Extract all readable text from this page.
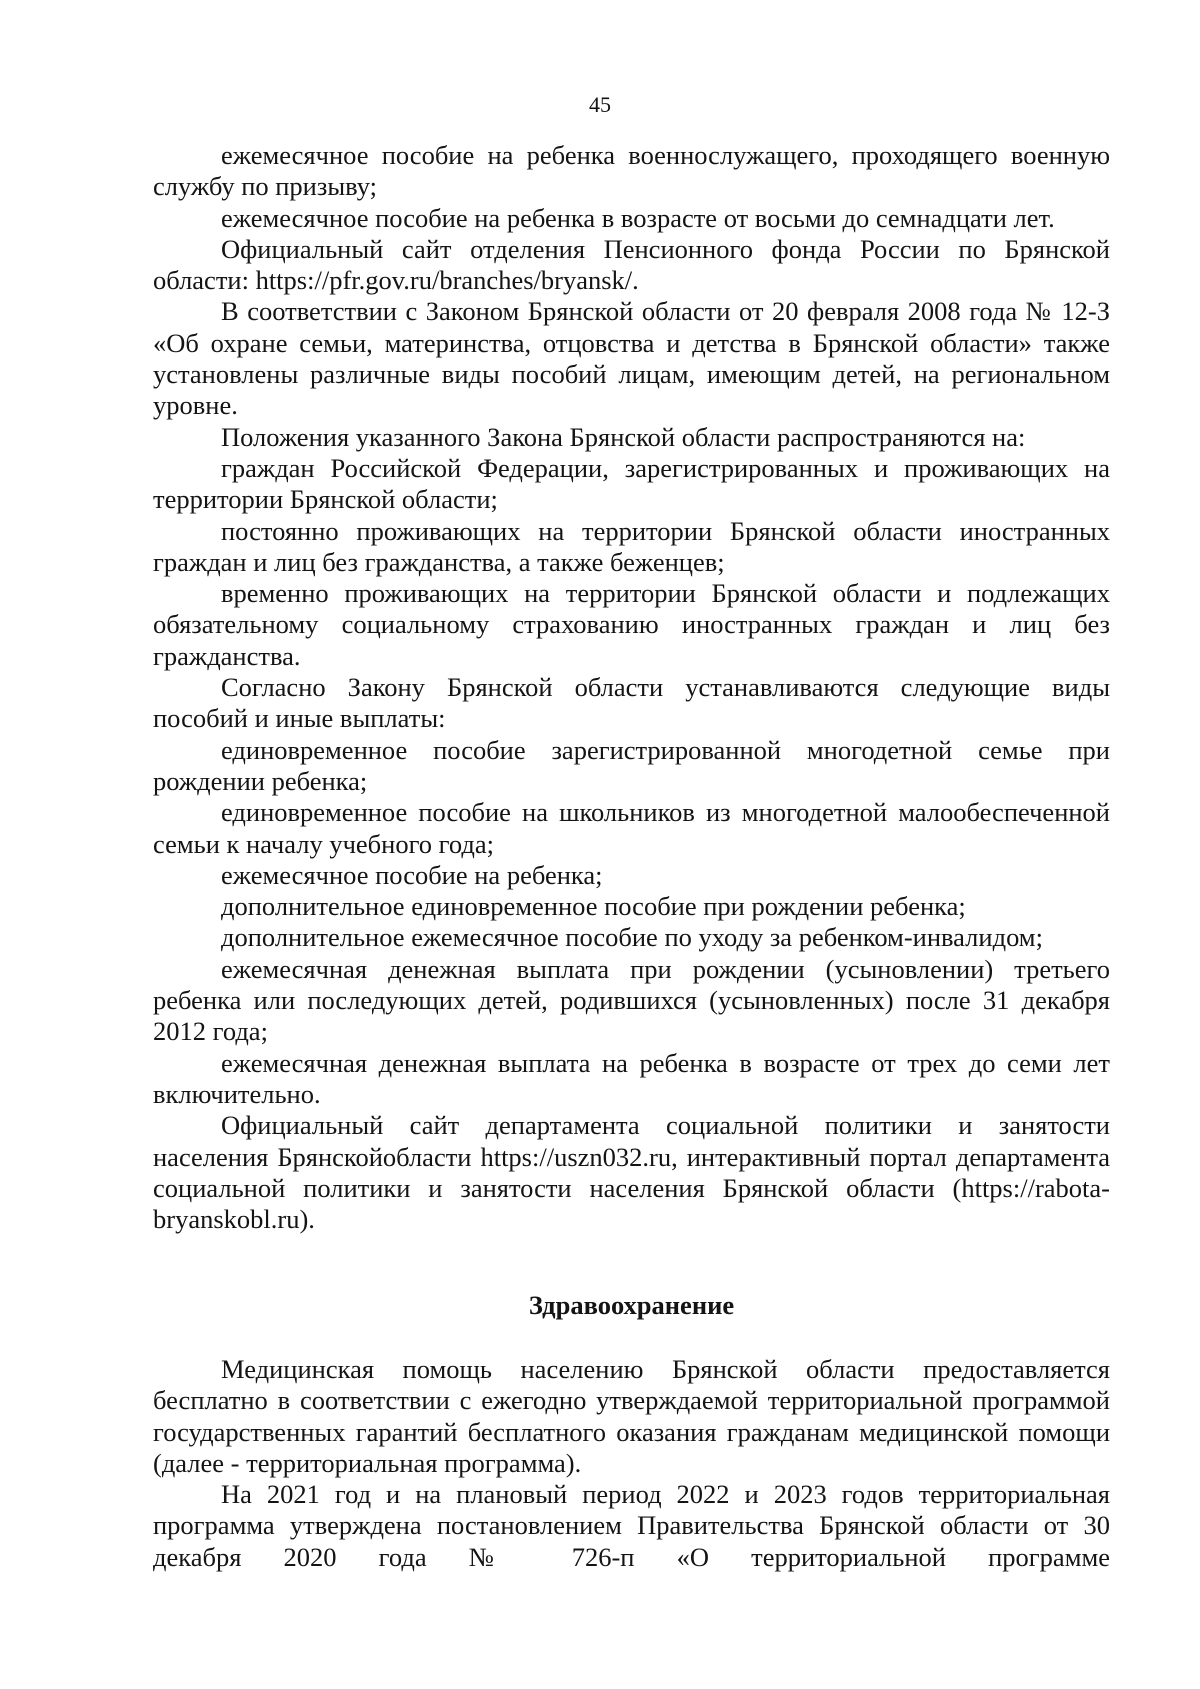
45

ежемесячное пособие на ребенка военнослужащего, проходящего военную службу по призыву;

ежемесячное пособие на ребенка в возрасте от восьми до семнадцати лет.

Официальный сайт отделения Пенсионного фонда России по Брянской области: https://pfr.gov.ru/branches/bryansk/.

В соответствии с Законом Брянской области от 20 февраля 2008 года № 12-З «Об охране семьи, материнства, отцовства и детства в Брянской области» также установлены различные виды пособий лицам, имеющим детей, на региональном уровне.

Положения указанного Закона Брянской области распространяются на:

граждан Российской Федерации, зарегистрированных и проживающих на территории Брянской области;

постоянно проживающих на территории Брянской области иностранных граждан и лиц без гражданства, а также беженцев;

временно проживающих на территории Брянской области и подлежащих обязательному социальному страхованию иностранных граждан и лиц без гражданства.

Согласно Закону Брянской области устанавливаются следующие виды пособий и иные выплаты:

единовременное пособие зарегистрированной многодетной семье при рождении ребенка;

единовременное пособие на школьников из многодетной малообеспеченной семьи к началу учебного года;

ежемесячное пособие на ребенка;

дополнительное единовременное пособие при рождении ребенка;

дополнительное ежемесячное пособие по уходу за ребенком-инвалидом;

ежемесячная денежная выплата при рождении (усыновлении) третьего ребенка или последующих детей, родившихся (усыновленных) после 31 декабря 2012 года;

ежемесячная денежная выплата на ребенка в возрасте от трех до семи лет включительно.

Официальный сайт департамента социальной политики и занятости населения Брянскойобласти https://uszn032.ru, интерактивный портал департамента социальной политики и занятости населения Брянской области (https://rabota-bryanskobl.ru).

Здравоохранение

Медицинская помощь населению Брянской области предоставляется бесплатно в соответствии с ежегодно утверждаемой территориальной программой государственных гарантий бесплатного оказания гражданам медицинской помощи (далее - территориальная программа).

На 2021 год и на плановый период 2022 и 2023 годов территориальная программа утверждена постановлением Правительства Брянской области от 30 декабря 2020 года № 726-п «О территориальной программе
